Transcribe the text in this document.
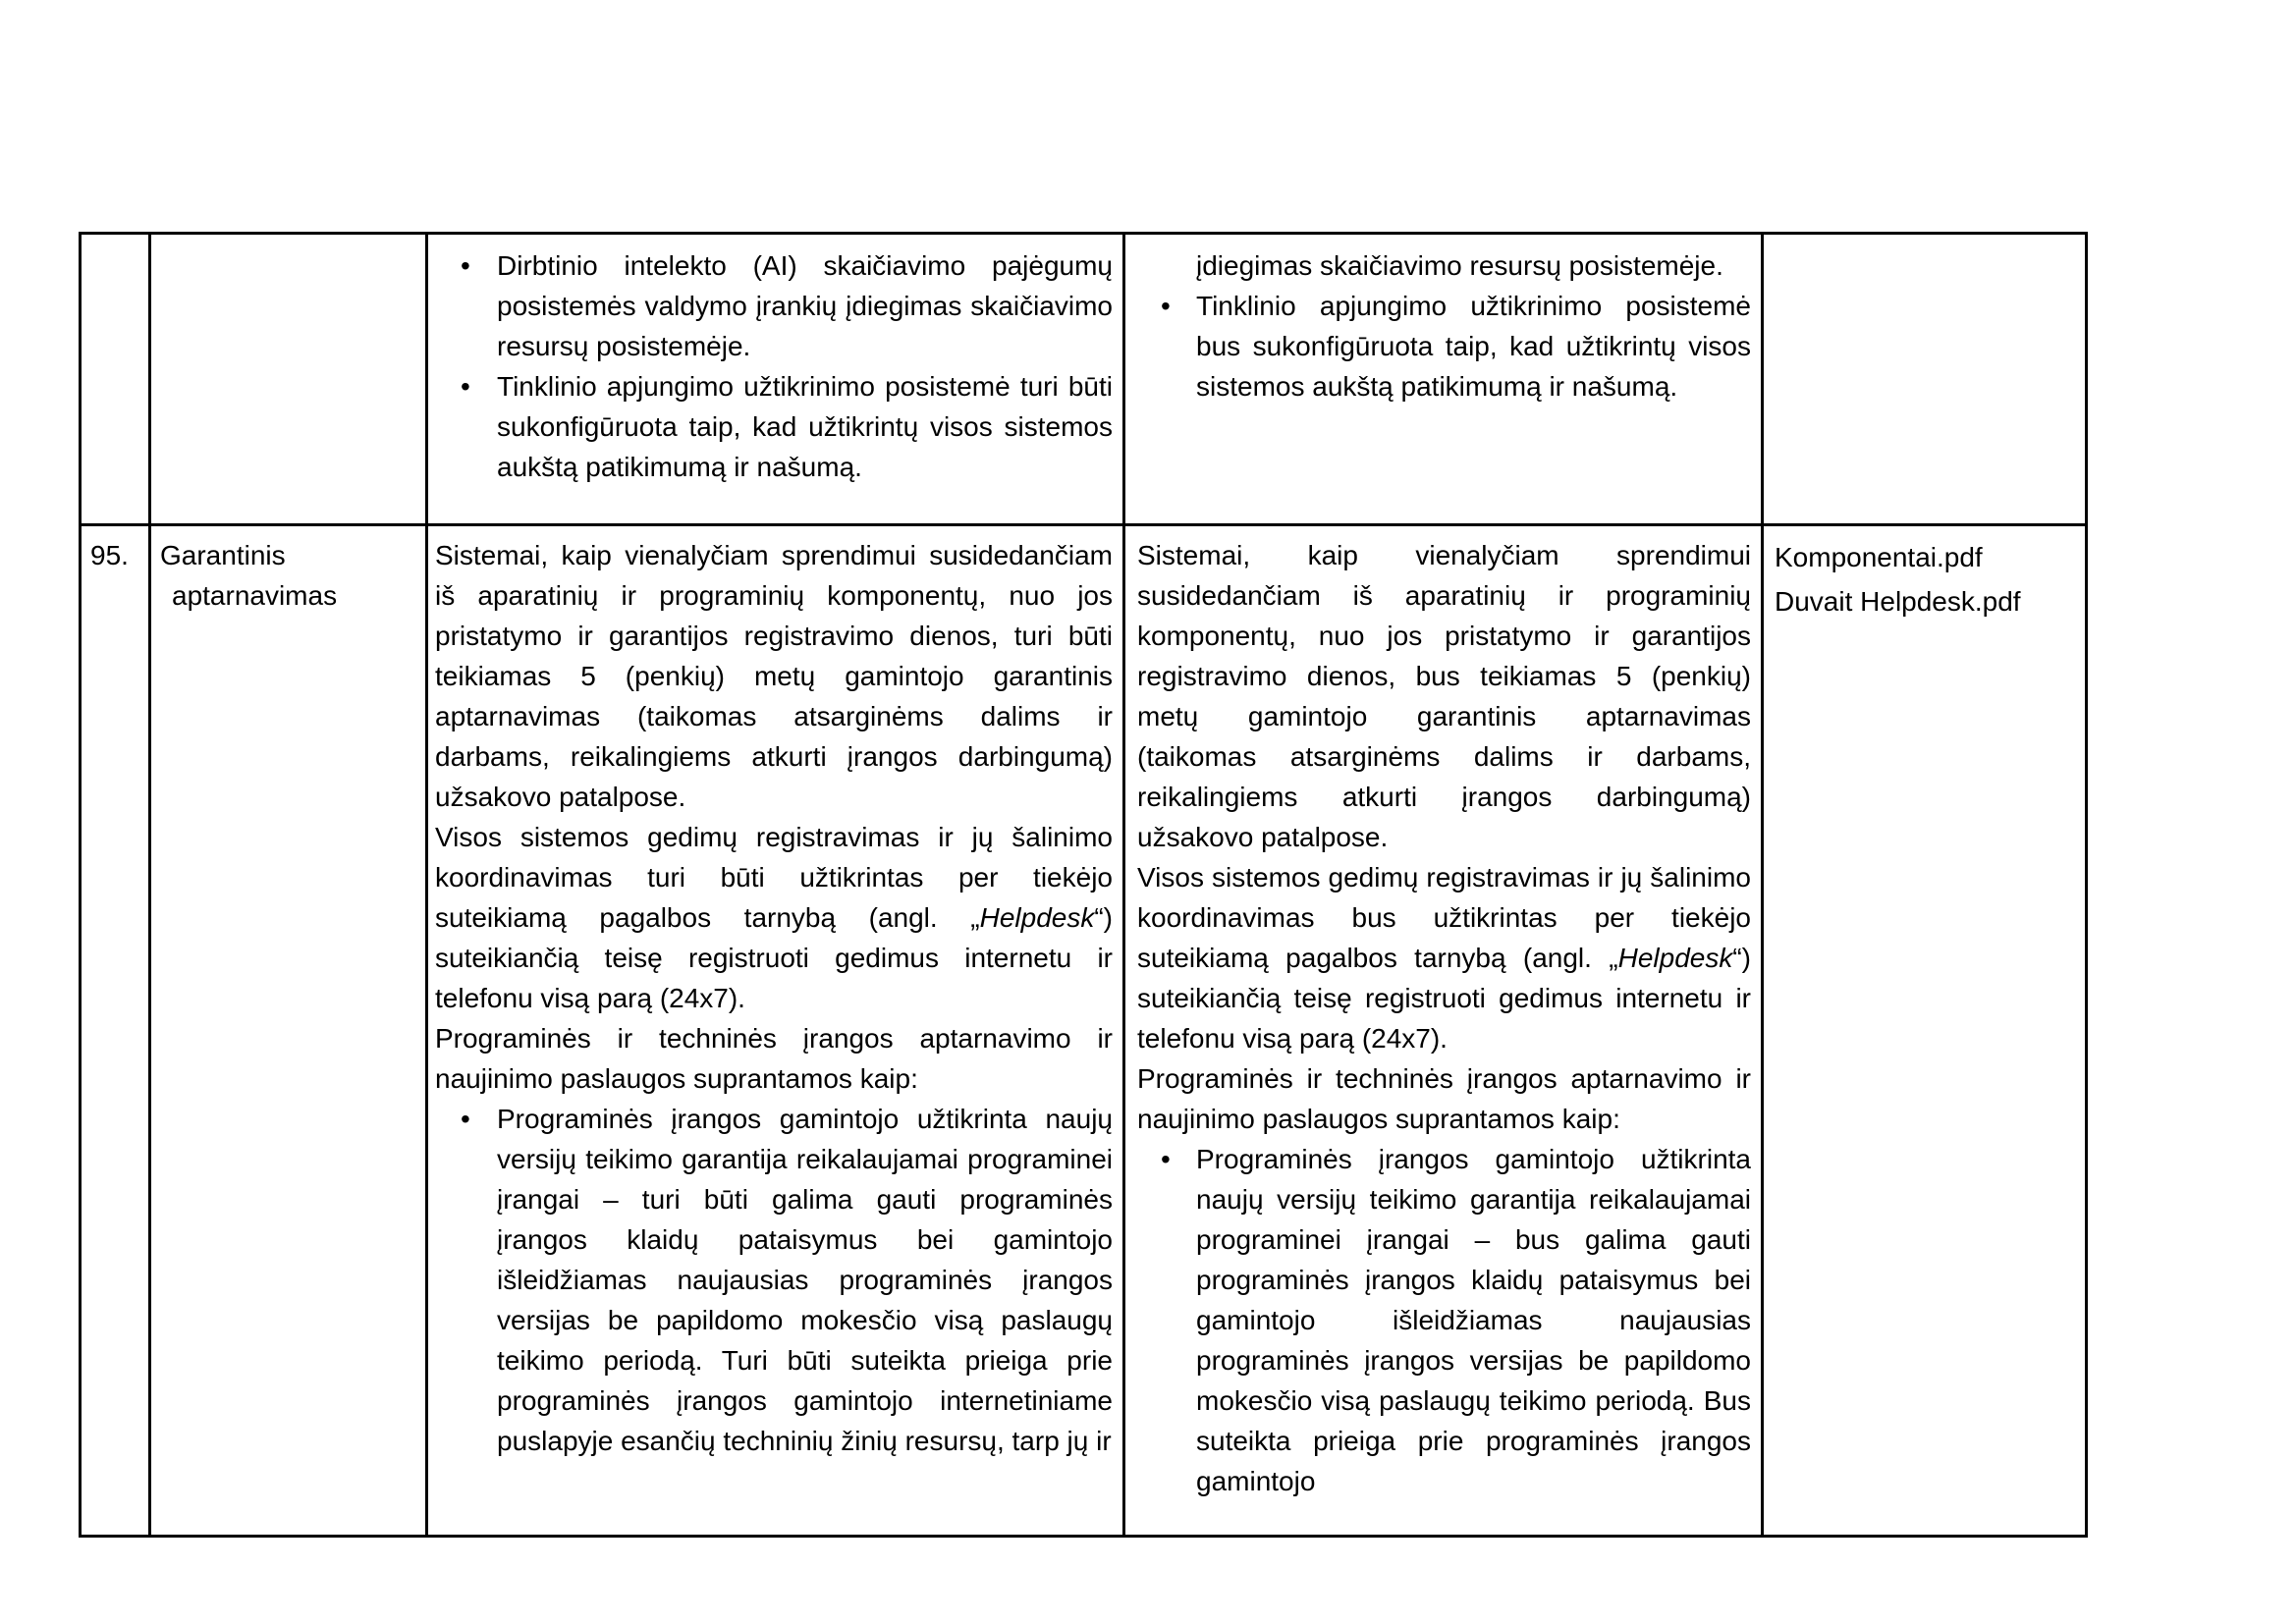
• Dirbtinio intelekto (AI) skaičiavimo pajėgumų posistemės valdymo įrankių įdiegimas skaičiavimo resursų posistemėje.
• Tinklinio apjungimo užtikrinimo posistemė turi būti sukonfigūruota taip, kad užtikrintų visos sistemos aukštą patikimumą ir našumą.

įdiegimas skaičiavimo resursų posistemėje.

• Tinklinio apjungimo užtikrinimo posistemė bus sukonfigūruota taip, kad užtikrintų visos sistemos aukštą patikimumą ir našumą.
95.	Garantinis
aptarnavimas

Sistemai, kaip vienalyčiam sprendimui susidedančiam iš aparatinių ir programinių komponentų, nuo jos pristatymo ir garantijos registravimo dienos, turi būti teikiamas 5 (penkių) metų gamintojo garantinis aptarnavimas (taikomas atsarginėms dalims ir darbams, reikalingiems atkurti įrangos darbingumą) užsakovo patalpose.

Visos sistemos gedimų registravimas ir jų šalinimo koordinavimas turi būti užtikrintas per tiekėjo suteikiamą pagalbos tarnybą (angl. „Helpdesk“) suteikiančią teisę registruoti gedimus internetu ir telefonu visą parą (24x7).

Programinės ir techninės įrangos aptarnavimo ir naujinimo paslaugos suprantamos kaip:

• Programinės įrangos gamintojo užtikrinta naujų versijų teikimo garantija reikalaujamai programinei įrangai – turi būti galima gauti programinės įrangos klaidų pataisymus bei gamintojo išleidžiamas naujausias programinės įrangos versijas be papildomo mokesčio visą paslaugų teikimo periodą. Turi būti suteikta prieiga prie programinės įrangos gamintojo internetiniame puslapyje esančių techninių žinių resursų, tarp jų ir

Sistemai, kaip vienalyčiam sprendimui susidedančiam iš aparatinių ir programinių komponentų, nuo jos pristatymo ir garantijos registravimo dienos, bus teikiamas 5 (penkių) metų gamintojo garantinis aptarnavimas (taikomas atsarginėms dalims ir darbams, reikalingiems atkurti įrangos darbingumą) užsakovo patalpose.

Visos sistemos gedimų registravimas ir jų šalinimo koordinavimas bus užtikrintas per tiekėjo suteikiamą pagalbos tarnybą (angl. „Helpdesk“) suteikiančią teisę registruoti gedimus internetu ir telefonu visą parą (24x7).

Programinės ir techninės įrangos aptarnavimo ir naujinimo paslaugos suprantamos kaip:

• Programinės įrangos gamintojo užtikrinta naujų versijų teikimo garantija reikalaujamai programinei įrangai – bus galima gauti programinės įrangos klaidų pataisymus bei gamintojo išleidžiamas naujausias programinės įrangos versijas be papildomo mokesčio visą paslaugų teikimo periodą. Bus suteikta prieiga prie programinės įrangos gamintojo
Komponentai.pdf
Duvait Helpdesk.pdf
